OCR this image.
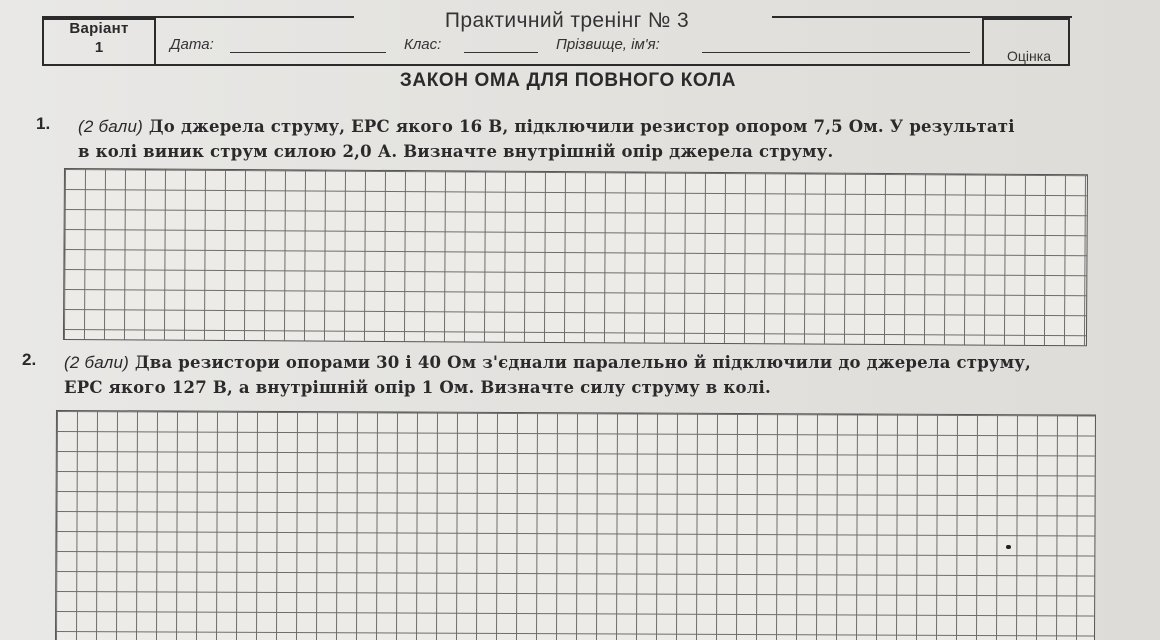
Варіант
1
Практичний тренінг № 3
Дата:	Клас:	Прізвище, ім'я:
Оцінка
ЗАКОН ОМА ДЛЯ ПОВНОГО КОЛА
1. (2 бали) До джерела струму, ЕРС якого 16 В, підключили резистор опором 7,5 Ом. У результаті
в колі виник струм силою 2,0 А. Визначте внутрішній опір джерела струму.
2. (2 бали) Два резистори опорами 30 і 40 Ом з'єднали паралельно й підключили до джерела струму,
ЕРС якого 127 В, а внутрішній опір 1 Ом. Визначте силу струму в колі.
